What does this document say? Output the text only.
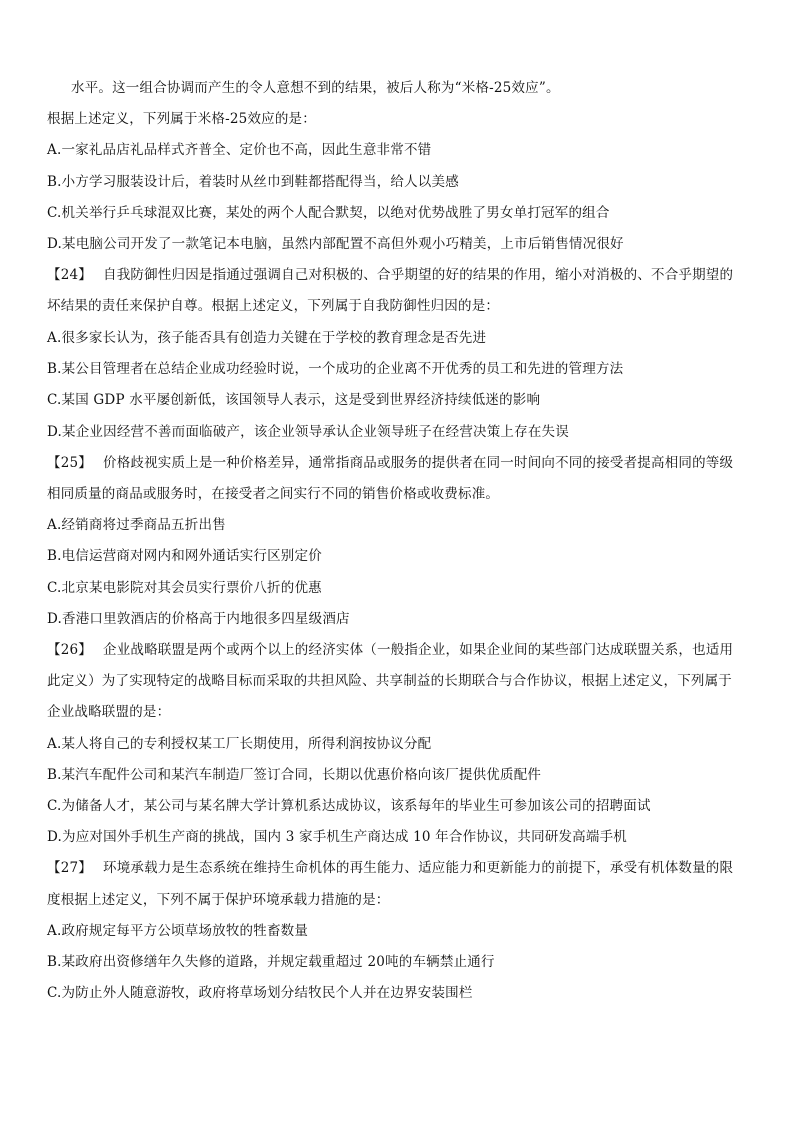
水平。这一组合协调而产生的令人意想不到的结果，被后人称为“米格-25效应”。
根据上述定义，下列属于米格-25效应的是：
A.一家礼品店礼品样式齐普全、定价也不高，因此生意非常不错
B.小方学习服装设计后，着装时从丝巾到鞋都搭配得当，给人以美感
C.机关举行乒乓球混双比赛，某处的两个人配合默契，以绝对优势战胜了男女单打冠军的组合
D.某电脑公司开发了一款笔记本电脑，虽然内部配置不高但外观小巧精美，上市后销售情况很好
【24】 自我防御性归因是指通过强调自己对积极的、合乎期望的好的结果的作用，缩小对消极的、不合乎期望的
坏结果的责任来保护自尊。根据上述定义，下列属于自我防御性归因的是：
A.很多家长认为，孩子能否具有创造力关键在于学校的教育理念是否先进
B.某公目管理者在总结企业成功经验时说，一个成功的企业离不开优秀的员工和先进的管理方法
C.某国 GDP 水平屡创新低，该国领导人表示，这是受到世界经济持续低迷的影响
D.某企业因经营不善而面临破产，该企业领导承认企业领导班子在经营决策上存在失误
【25】 价格歧视实质上是一种价格差异，通常指商品或服务的提供者在同一时间向不同的接受者提高相同的等级
相同质量的商品或服务时，在接受者之间实行不同的销售价格或收费标准。
A.经销商将过季商品五折出售
B.电信运营商对网内和网外通话实行区别定价
C.北京某电影院对其会员实行票价八折的优惠
D.香港口里敦酒店的价格高于内地很多四星级酒店
【26】 企业战略联盟是两个或两个以上的经济实体（一般指企业，如果企业间的某些部门达成联盟关系，也适用
此定义）为了实现特定的战略目标而采取的共担风险、共享制益的长期联合与合作协议，根据上述定义，下列属于
企业战略联盟的是：
A.某人将自己的专利授权某工厂长期使用，所得利润按协议分配
B.某汽车配件公司和某汽车制造厂签订合同，长期以优惠价格向该厂提供优质配件
C.为储备人才，某公司与某名牌大学计算机系达成协议，该系每年的毕业生可参加该公司的招聘面试
D.为应对国外手机生产商的挑战，国内 3 家手机生产商达成 10 年合作协议，共同研发高端手机
【27】 环境承载力是生态系统在维持生命机体的再生能力、适应能力和更新能力的前提下，承受有机体数量的限
度根据上述定义，下列不属于保护环境承载力措施的是：
A.政府规定每平方公顷草场放牧的牲畜数量
B.某政府出资修缮年久失修的道路，并规定载重超过 20吨的车辆禁止通行
C.为防止外人随意游牧，政府将草场划分结牧民个人并在边界安装围栏
